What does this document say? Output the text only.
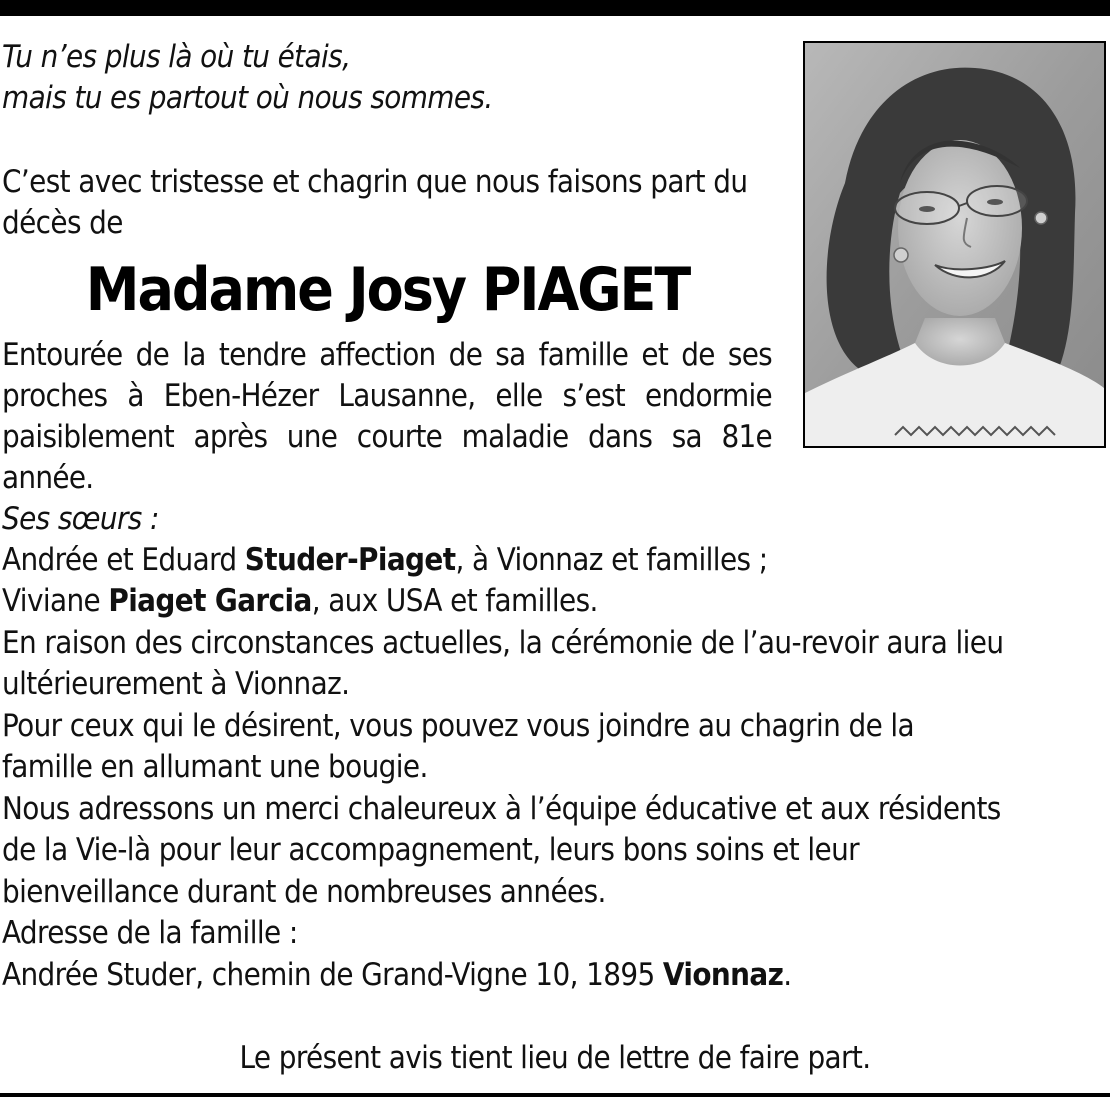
Tu n’es plus là où tu étais,

mais tu es partout où nous sommes.

C’est avec tristesse et chagrin que nous faisons part du décès de

Madame Josy PIAGET

Entourée de la tendre affection de sa famille et de ses proches à Eben-Hézer Lausanne, elle s’est endormie paisiblement après une courte maladie dans sa 81e année.

Ses sœurs :

Andrée et Eduard Studer-Piaget, à Vionnaz et familles ;

Viviane Piaget Garcia, aux USA et familles.

En raison des circonstances actuelles, la cérémonie de l’au-revoir aura lieu

ultérieurement à Vionnaz.

Pour ceux qui le désirent, vous pouvez vous joindre au chagrin de la

famille en allumant une bougie.

Nous adressons un merci chaleureux à l’équipe éducative et aux résidents

de la Vie-là pour leur accompagnement, leurs bons soins et leur

bienveillance durant de nombreuses années.

Adresse de la famille :

Andrée Studer, chemin de Grand-Vigne 10, 1895 Vionnaz.

Le présent avis tient lieu de lettre de faire part.
